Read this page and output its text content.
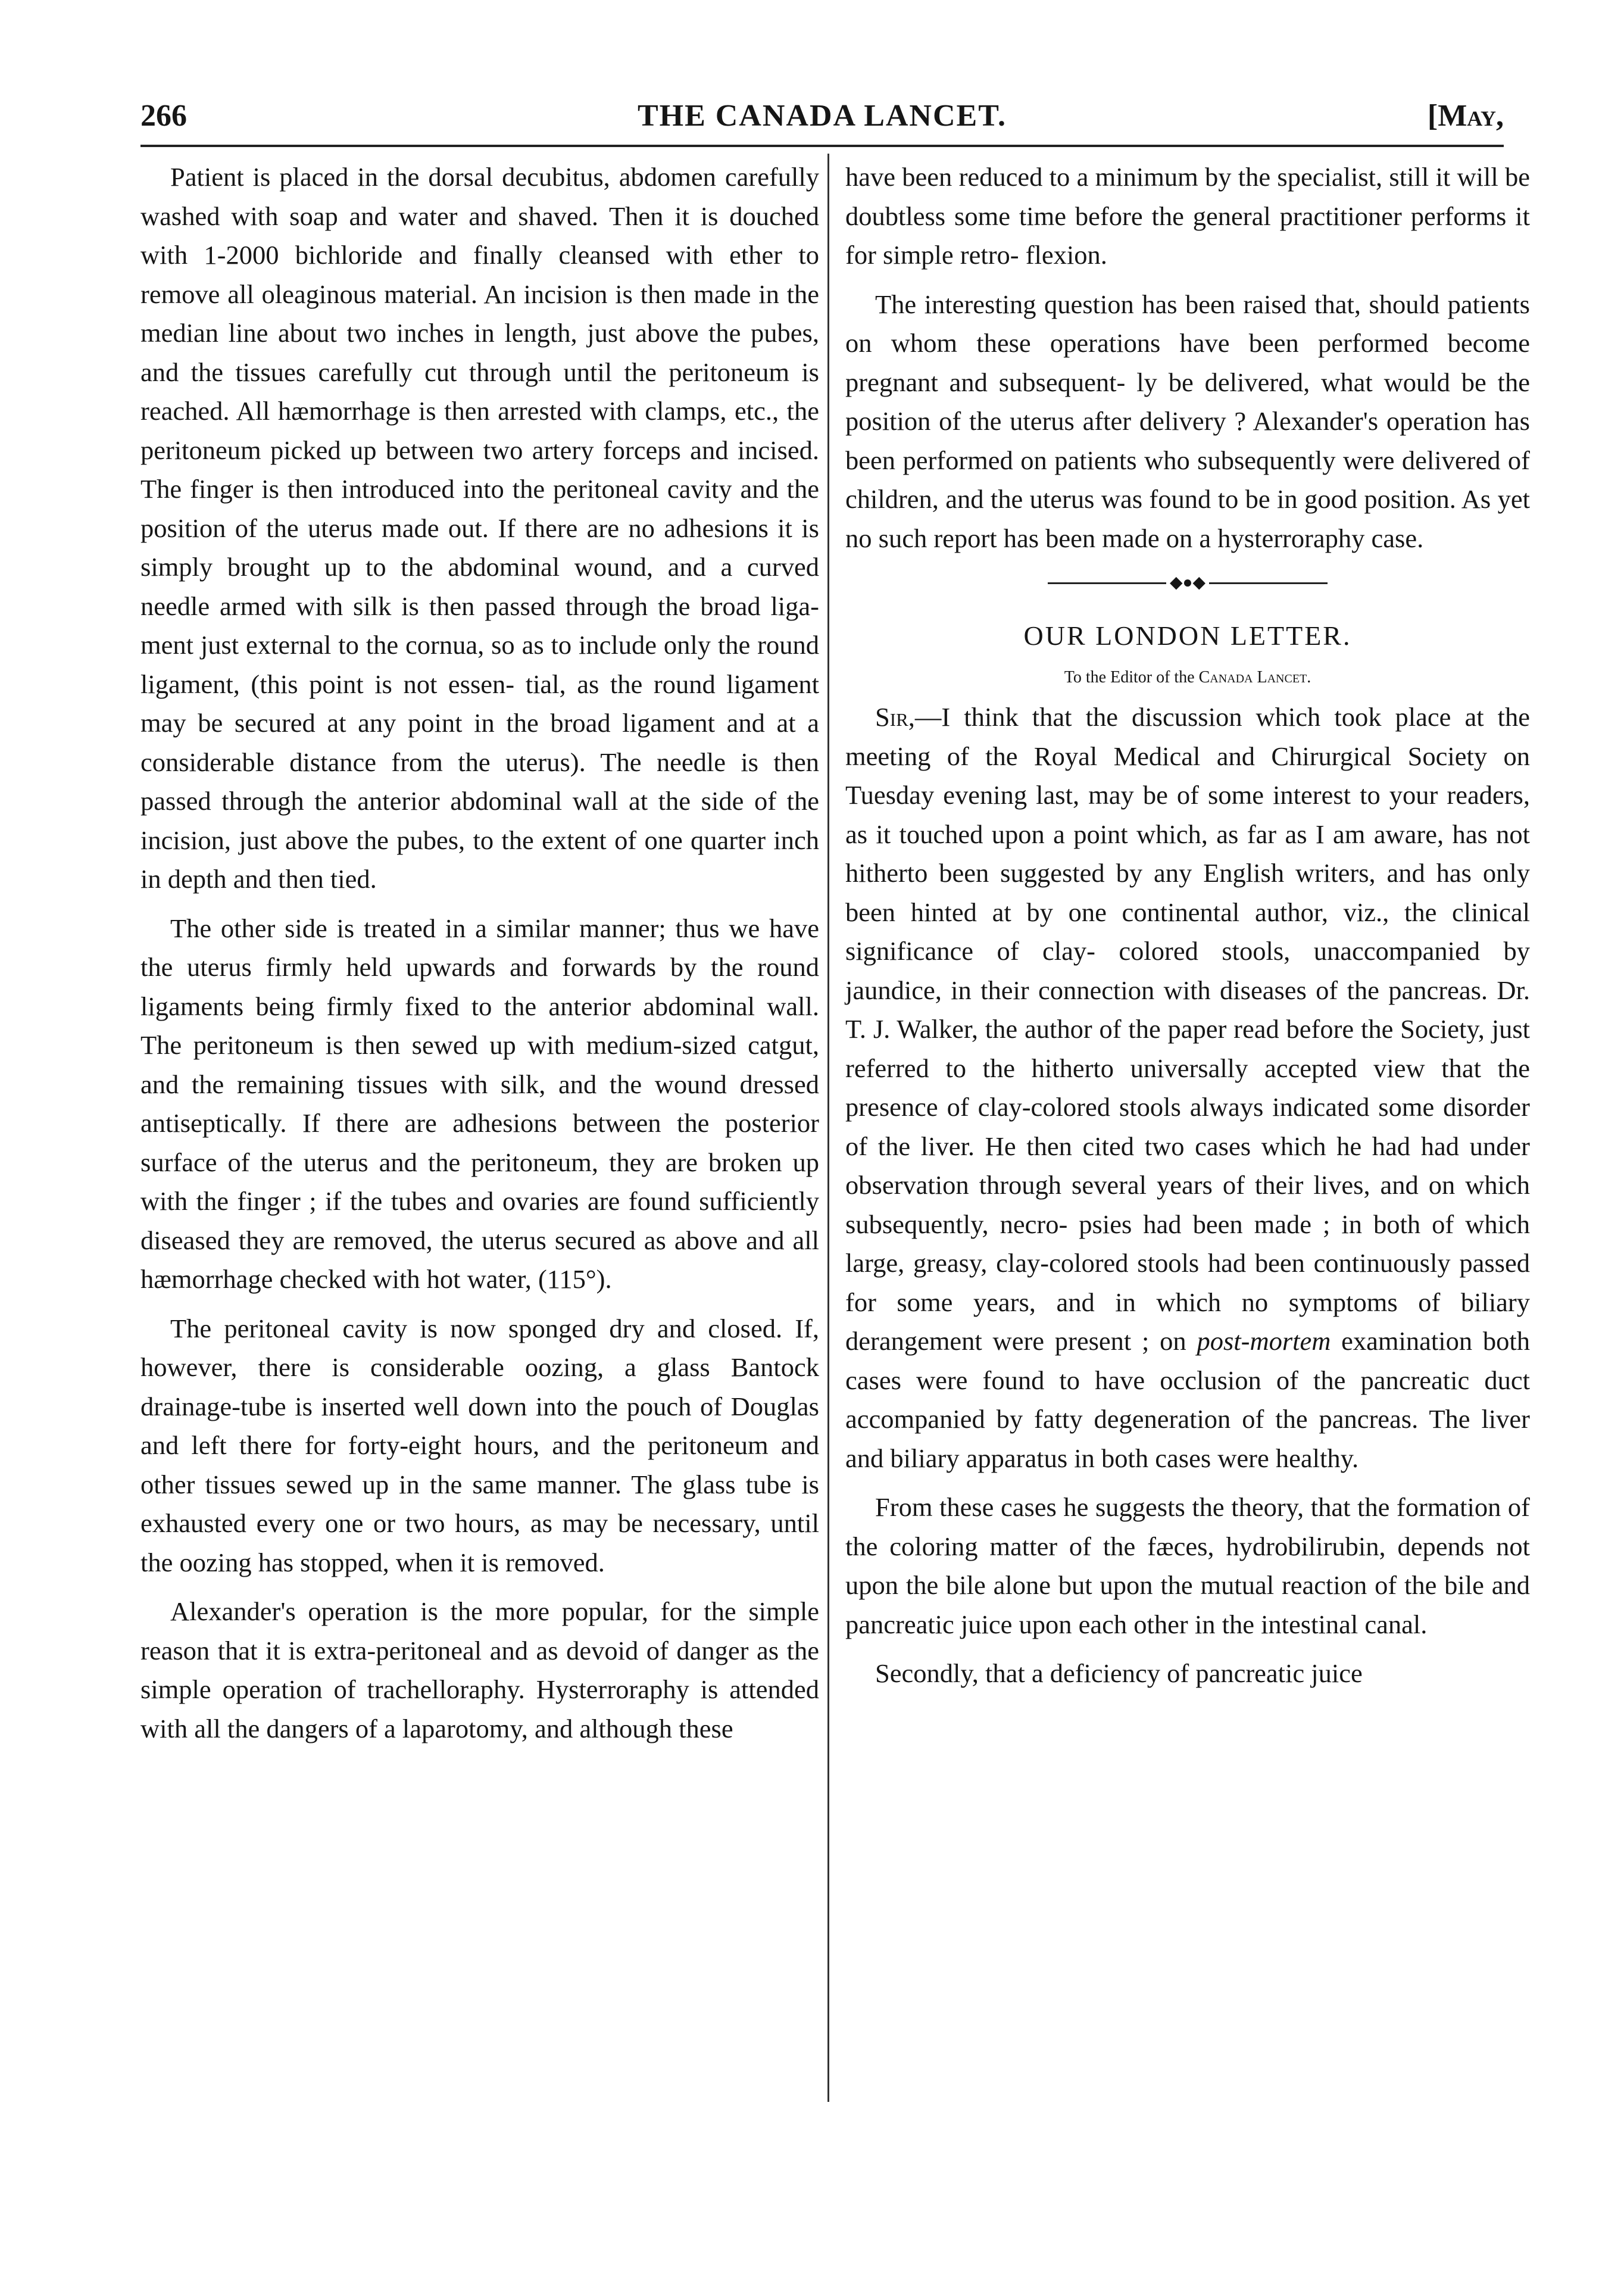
266	THE CANADA LANCET.	[May,

Patient is placed in the dorsal decubitus, abdomen carefully washed with soap and water and shaved. Then it is douched with 1-2000 bichloride and finally cleansed with ether to remove all oleaginous material. An incision is then made in the median line about two inches in length, just above the pubes, and the tissues carefully cut through until the peritoneum is reached. All hæmorrhage is then arrested with clamps, etc., the peritoneum picked up between two artery forceps and incised. The finger is then introduced into the peritoneal cavity and the position of the uterus made out. If there are no adhesions it is simply brought up to the abdominal wound, and a curved needle armed with silk is then passed through the broad liga- ment just external to the cornua, so as to include only the round ligament, (this point is not essen- tial, as the round ligament may be secured at any point in the broad ligament and at a considerable distance from the uterus). The needle is then passed through the anterior abdominal wall at the side of the incision, just above the pubes, to the extent of one quarter inch in depth and then tied.

The other side is treated in a similar manner; thus we have the uterus firmly held upwards and forwards by the round ligaments being firmly fixed to the anterior abdominal wall. The peritoneum is then sewed up with medium-sized catgut, and the remaining tissues with silk, and the wound dressed antiseptically. If there are adhesions between the posterior surface of the uterus and the peritoneum, they are broken up with the finger ; if the tubes and ovaries are found sufficiently diseased they are removed, the uterus secured as above and all hæmorrhage checked with hot water, (115°).

The peritoneal cavity is now sponged dry and closed. If, however, there is considerable oozing, a glass Bantock drainage-tube is inserted well down into the pouch of Douglas and left there for forty-eight hours, and the peritoneum and other tissues sewed up in the same manner. The glass tube is exhausted every one or two hours, as may be necessary, until the oozing has stopped, when it is removed.

Alexander's operation is the more popular, for the simple reason that it is extra-peritoneal and as devoid of danger as the simple operation of trachelloraphy. Hysterroraphy is attended with all the dangers of a laparotomy, and although these

have been reduced to a minimum by the specialist, still it will be doubtless some time before the general practitioner performs it for simple retro- flexion.

The interesting question has been raised that, should patients on whom these operations have been performed become pregnant and subsequent- ly be delivered, what would be the position of the uterus after delivery ? Alexander's operation has been performed on patients who subsequently were delivered of children, and the uterus was found to be in good position. As yet no such report has been made on a hysterroraphy case.

◆●◆
OUR LONDON LETTER.
To the Editor of the Canada Lancet.

Sir,—I think that the discussion which took place at the meeting of the Royal Medical and Chirurgical Society on Tuesday evening last, may be of some interest to your readers, as it touched upon a point which, as far as I am aware, has not hitherto been suggested by any English writers, and has only been hinted at by one continental author, viz., the clinical significance of clay- colored stools, unaccompanied by jaundice, in their connection with diseases of the pancreas. Dr. T. J. Walker, the author of the paper read before the Society, just referred to the hitherto universally accepted view that the presence of clay-colored stools always indicated some disorder of the liver. He then cited two cases which he had had under observation through several years of their lives, and on which subsequently, necro- psies had been made ; in both of which large, greasy, clay-colored stools had been continuously passed for some years, and in which no symptoms of biliary derangement were present ; on post-mortem examination both cases were found to have occlusion of the pancreatic duct accompanied by fatty degeneration of the pancreas. The liver and biliary apparatus in both cases were healthy.

From these cases he suggests the theory, that the formation of the coloring matter of the fæces, hydrobilirubin, depends not upon the bile alone but upon the mutual reaction of the bile and pancreatic juice upon each other in the intestinal canal.

Secondly, that a deficiency of pancreatic juice
